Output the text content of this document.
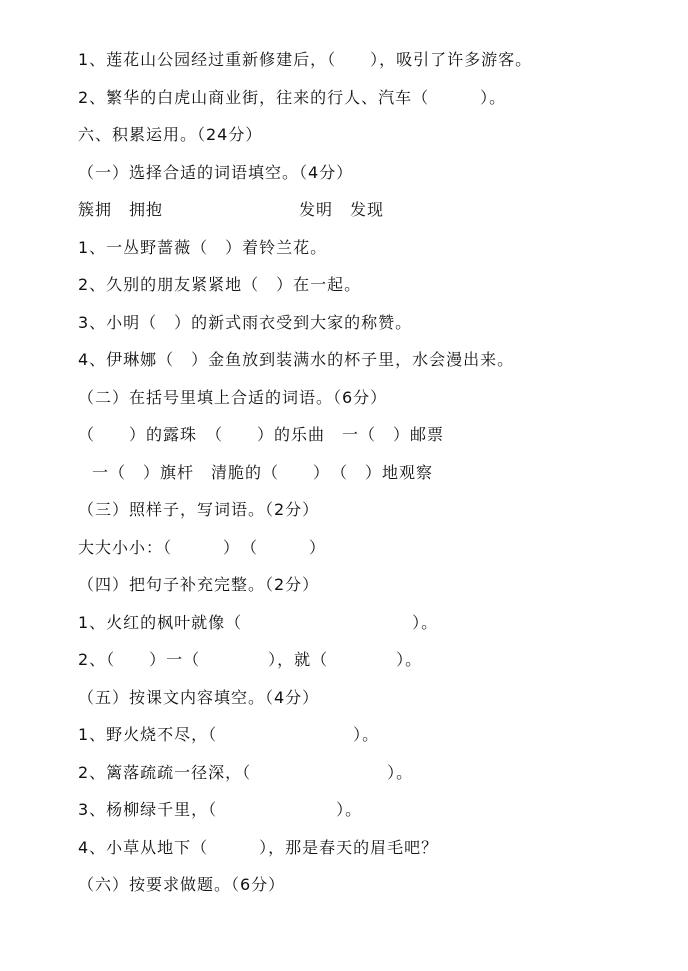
1、莲花山公园经过重新修建后，（　　），吸引了许多游客。
2、繁华的白虎山商业街，往来的行人、汽车（　　　）。
六、积累运用。（24分）
（一）选择合适的词语填空。（4分）
簇拥　拥抱　　　　　　　　发明　发现
1、一丛野蔷薇（　）着铃兰花。
2、久别的朋友紧紧地（　）在一起。
3、小明（　）的新式雨衣受到大家的称赞。
4、伊琳娜（　）金鱼放到装满水的杯子里，水会漫出来。
（二）在括号里填上合适的词语。（6分）
（　　）的露珠　（　　）的乐曲　一（　）邮票
一（　）旗杆　清脆的（　　）　（　）地观察
（三）照样子，写词语。（2分）
大大小小：（　　　）　（　　　）
（四）把句子补充完整。（2分）
1、火红的枫叶就像（　　　　　　　　　　）。
2、（　　）一（　　　　），就（　　　　）。
（五）按课文内容填空。（4分）
1、野火烧不尽，（　　　　　　　　）。
2、篱落疏疏一径深，（　　　　　　　　）。
3、杨柳绿千里，（　　　　　　　）。
4、小草从地下（　　　），那是春天的眉毛吧？
（六）按要求做题。（6分）
